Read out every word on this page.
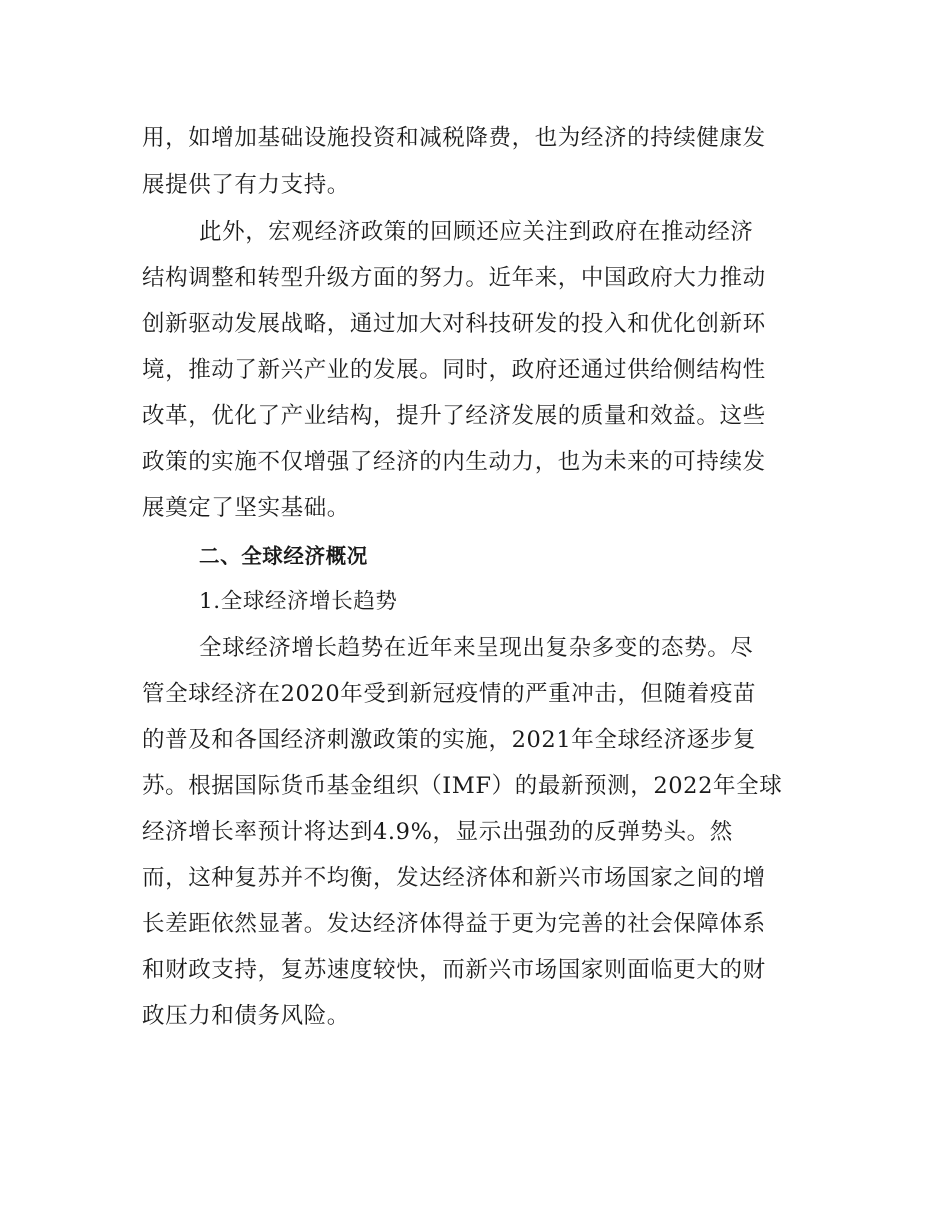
用，如增加基础设施投资和减税降费，也为经济的持续健康发
展提供了有力支持。
此外，宏观经济政策的回顾还应关注到政府在推动经济
结构调整和转型升级方面的努力。近年来，中国政府大力推动
创新驱动发展战略，通过加大对科技研发的投入和优化创新环
境，推动了新兴产业的发展。同时，政府还通过供给侧结构性
改革，优化了产业结构，提升了经济发展的质量和效益。这些
政策的实施不仅增强了经济的内生动力，也为未来的可持续发
展奠定了坚实基础。
二、全球经济概况
1.全球经济增长趋势
全球经济增长趋势在近年来呈现出复杂多变的态势。尽
管全球经济在2020年受到新冠疫情的严重冲击，但随着疫苗
的普及和各国经济刺激政策的实施，2021年全球经济逐步复
苏。根据国际货币基金组织（IMF）的最新预测，2022年全球
经济增长率预计将达到4.9%，显示出强劲的反弹势头。然
而，这种复苏并不均衡，发达经济体和新兴市场国家之间的增
长差距依然显著。发达经济体得益于更为完善的社会保障体系
和财政支持，复苏速度较快，而新兴市场国家则面临更大的财
政压力和债务风险。
